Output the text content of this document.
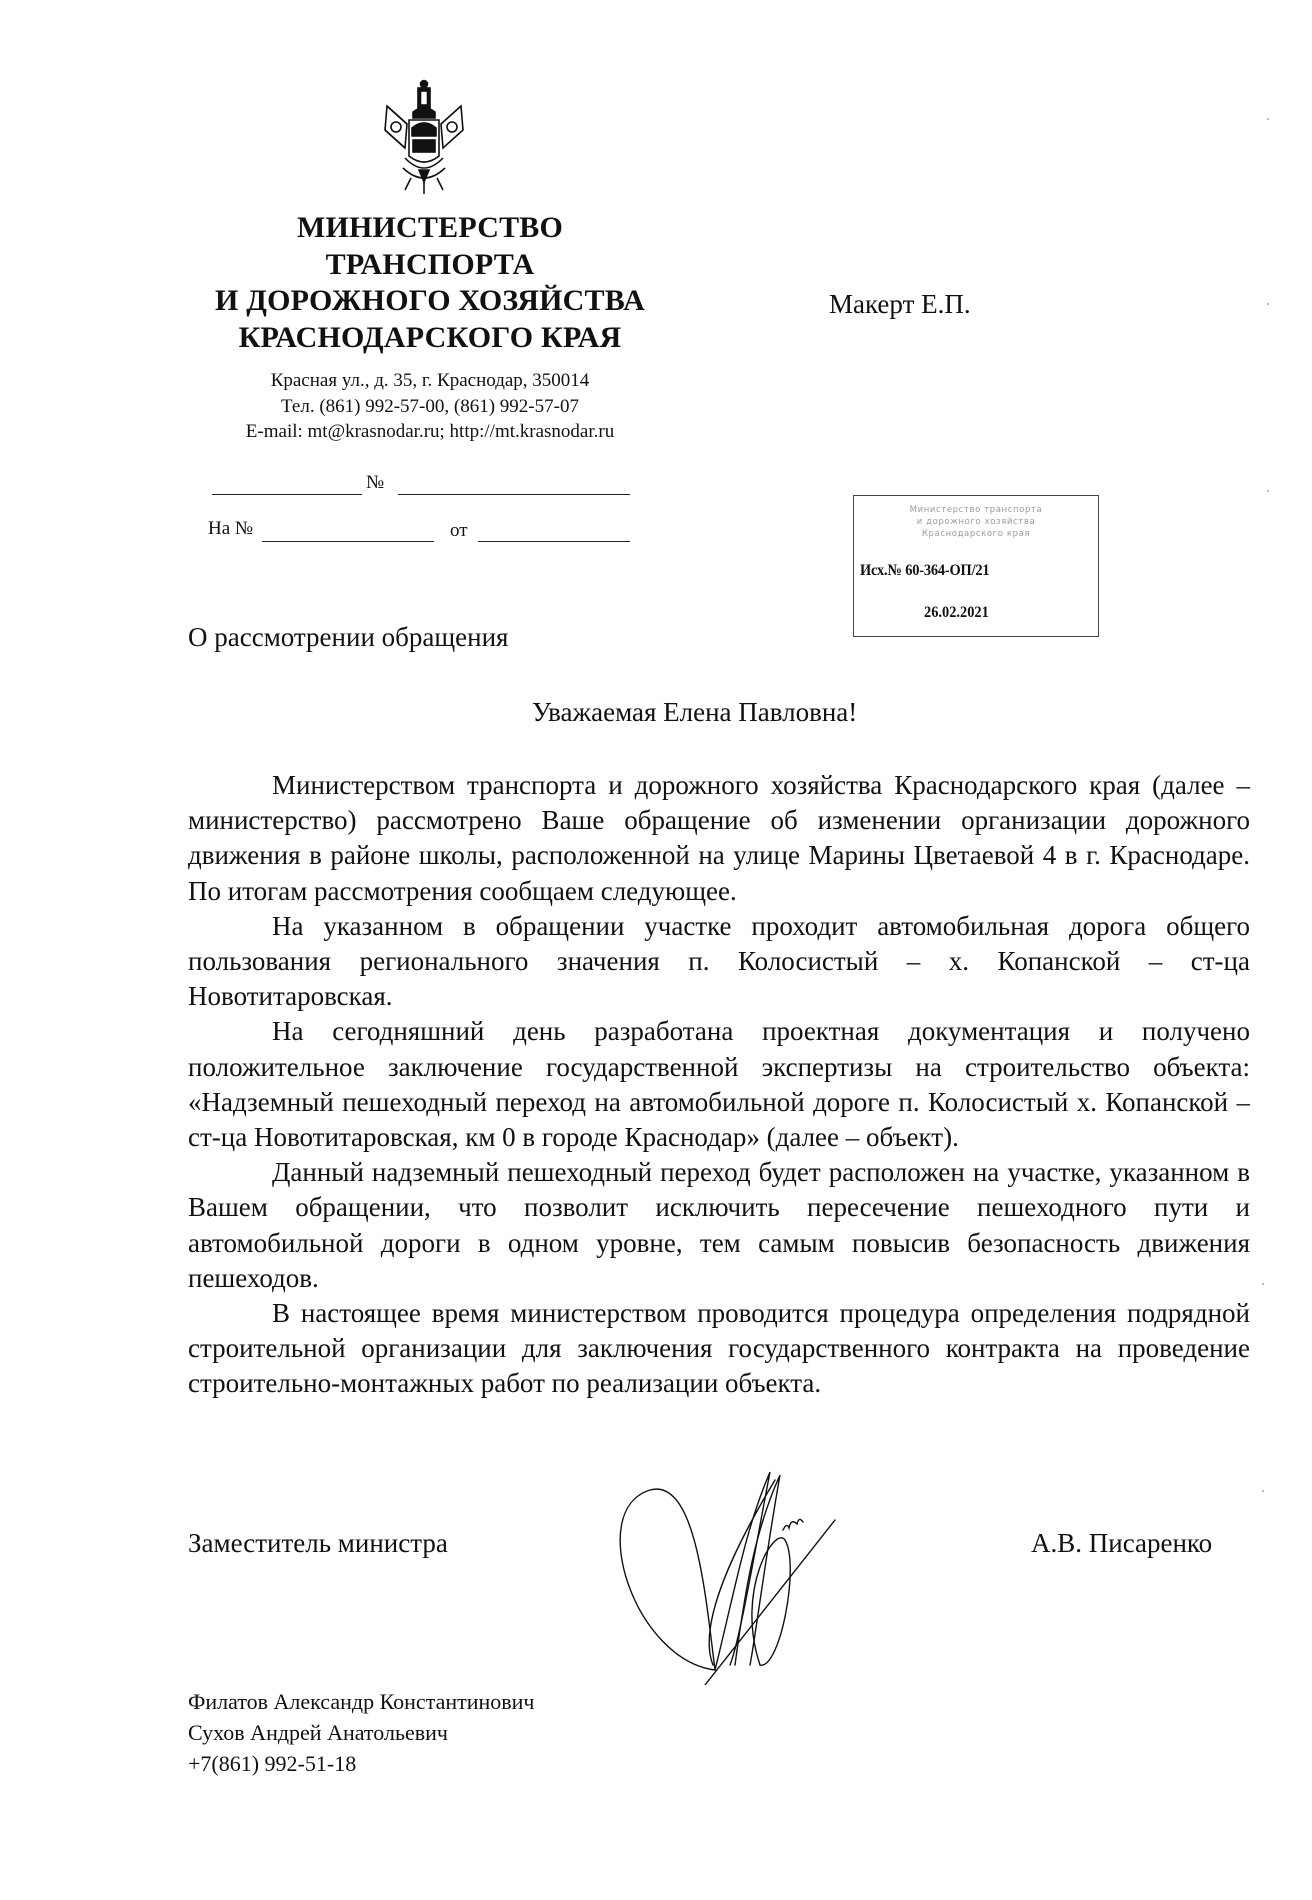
МИНИСТЕРСТВО
ТРАНСПОРТА
И ДОРОЖНОГО ХОЗЯЙСТВА
КРАСНОДАРСКОГО КРАЯ
Красная ул., д. 35, г. Краснодар, 350014
Тел. (861) 992-57-00, (861) 992-57-07
E-mail: mt@krasnodar.ru; http://mt.krasnodar.ru
№
На №	от
Макерт Е.П.
Министерство транспорта
и дорожного хозяйства
Краснодарского края
Исх.№ 60-364-ОП/21
26.02.2021
О рассмотрении обращения
Уважаемая Елена Павловна!

Министерством транспорта и дорожного хозяйства Краснодарского края (далее – министерство) рассмотрено Ваше обращение об изменении организации дорожного движения в районе школы, расположенной на улице Марины Цветаевой 4 в г. Краснодаре. По итогам рассмотрения сообщаем следующее.

На указанном в обращении участке проходит автомобильная дорога общего пользования регионального значения п. Колосистый – х. Копанской – ст-ца Новотитаровская.

На сегодняшний день разработана проектная документация и получено положительное заключение государственной экспертизы на строительство объекта: «Надземный пешеходный переход на автомобильной дороге п. Колосистый х. Копанской – ст-ца Новотитаровская, км 0 в городе Краснодар» (далее – объект).

Данный надземный пешеходный переход будет расположен на участке, указанном в Вашем обращении, что позволит исключить пересечение пешеходного пути и автомобильной дороги в одном уровне, тем самым повысив безопасность движения пешеходов.

В настоящее время министерством проводится процедура определения подрядной строительной организации для заключения государственного контракта на проведение строительно-монтажных работ по реализации объекта.

Заместитель министра	А.В. Писаренко
Филатов Александр Константинович
Сухов Андрей Анатольевич
+7(861) 992-51-18
